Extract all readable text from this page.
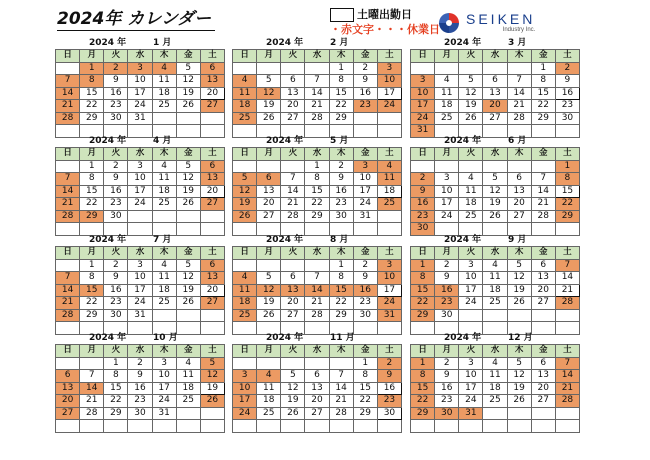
2024年 カレンダー	土曜出勤日
・赤文字・・・休業日
SEIKEN
Industry Inc.
2024 年	1 月
日	月	火	水	木	金	土
	1	2	3	4	5	6
7	8	9	10	11	12	13
14	15	16	17	18	19	20
21	22	23	24	25	26	27
28	29	30	31			

2024 年	2 月
日	月	火	水	木	金	土
				1	2	3
4	5	6	7	8	9	10
11	12	13	14	15	16	17
18	19	20	21	22	23	24
25	26	27	28	29		

2024 年	3 月
日	月	火	水	木	金	土
					1	2
3	4	5	6	7	8	9
10	11	12	13	14	15	16
17	18	19	20	21	22	23
24	25	26	27	28	29	30
31						
2024 年	4 月
日	月	火	水	木	金	土
	1	2	3	4	5	6
7	8	9	10	11	12	13
14	15	16	17	18	19	20
21	22	23	24	25	26	27
28	29	30				

2024 年	5 月
日	月	火	水	木	金	土
			1	2	3	4
5	6	7	8	9	10	11
12	13	14	15	16	17	18
19	20	21	22	23	24	25
26	27	28	29	30	31	

2024 年	6 月
日	月	火	水	木	金	土
						1
2	3	4	5	6	7	8
9	10	11	12	13	14	15
16	17	18	19	20	21	22
23	24	25	26	27	28	29
30						
2024 年	7 月
日	月	火	水	木	金	土
	1	2	3	4	5	6
7	8	9	10	11	12	13
14	15	16	17	18	19	20
21	22	23	24	25	26	27
28	29	30	31			

2024 年	8 月
日	月	火	水	木	金	土
				1	2	3
4	5	6	7	8	9	10
11	12	13	14	15	16	17
18	19	20	21	22	23	24
25	26	27	28	29	30	31

2024 年	9 月
日	月	火	水	木	金	土
1	2	3	4	5	6	7
8	9	10	11	12	13	14
15	16	17	18	19	20	21
22	23	24	25	26	27	28
29	30					

2024 年	10 月
日	月	火	水	木	金	土
		1	2	3	4	5
6	7	8	9	10	11	12
13	14	15	16	17	18	19
20	21	22	23	24	25	26
27	28	29	30	31		

2024 年	11 月
日	月	火	水	木	金	土
					1	2
3	4	5	6	7	8	9
10	11	12	13	14	15	16
17	18	19	20	21	22	23
24	25	26	27	28	29	30

2024 年	12 月
日	月	火	水	木	金	土
1	2	3	4	5	6	7
8	9	10	11	12	13	14
15	16	17	18	19	20	21
22	23	24	25	26	27	28
29	30	31				
